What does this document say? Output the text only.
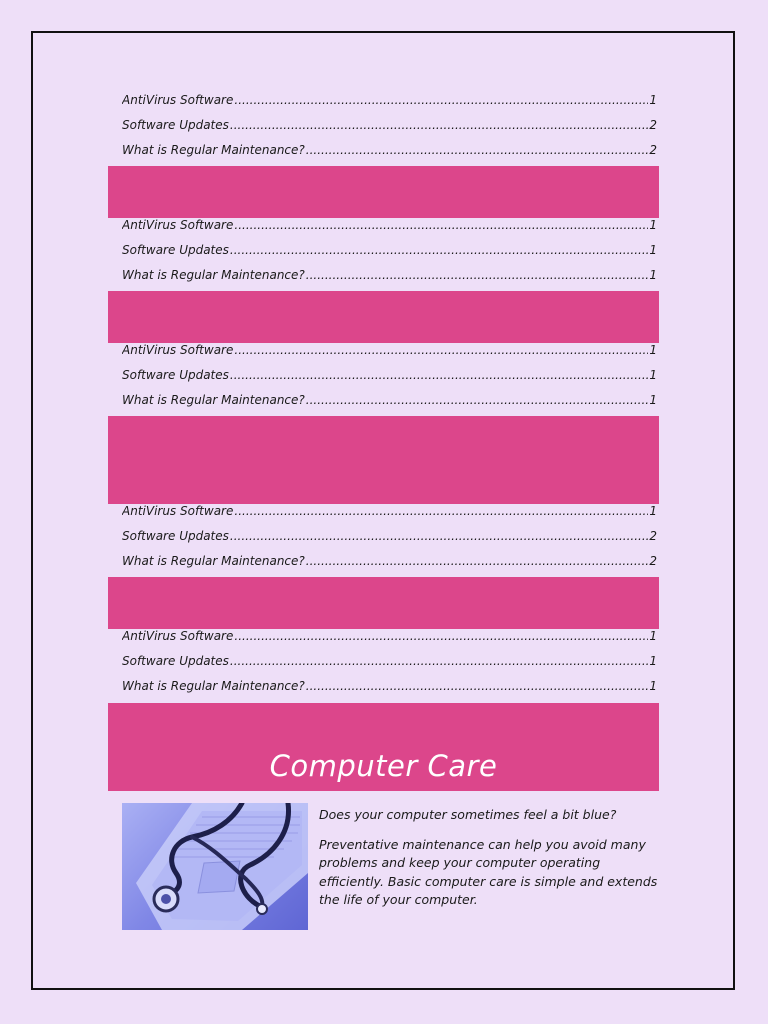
AntiVirus Software .....	1
Software Updates .....	2
What is Regular Maintenance? .....	2
AntiVirus Software .....	1
Software Updates .....	1
What is Regular Maintenance? .....	1
AntiVirus Software .....	1
Software Updates .....	1
What is Regular Maintenance? .....	1
AntiVirus Software .....	1
Software Updates .....	2
What is Regular Maintenance? .....	2
AntiVirus Software .....	1
Software Updates .....	1
What is Regular Maintenance? .....	1
Computer Care

Does your computer sometimes feel a bit blue?

Preventative maintenance can help you avoid many problems and keep your computer operating efficiently. Basic computer care is simple and extends the life of your computer.
